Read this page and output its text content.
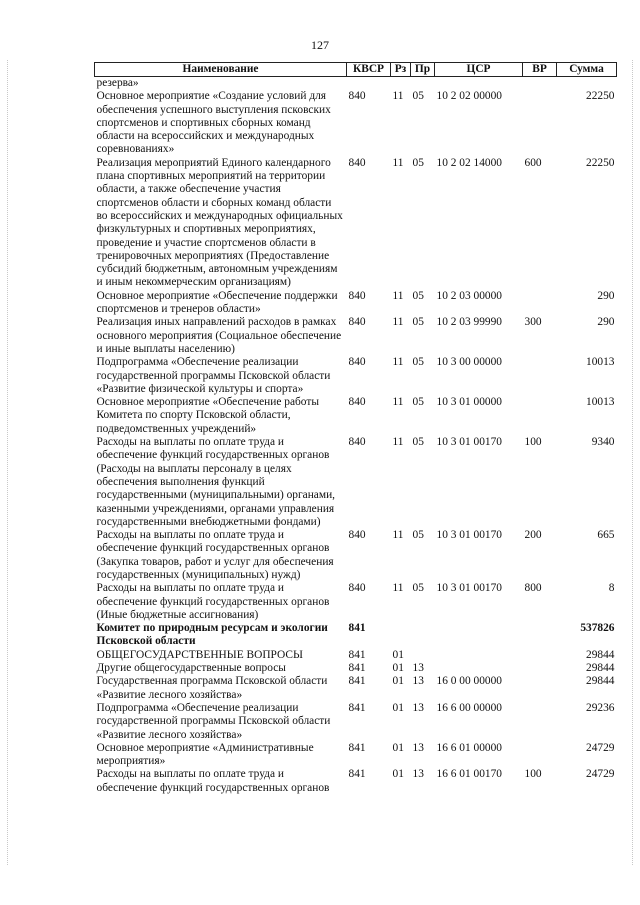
127
Наименование	КВСР	Рз	Пр	ЦСР	ВР	Сумма
резерва»						
Основное мероприятие «Создание условий для обеспечения успешного выступления псковских спортсменов и спортивных сборных команд области на всероссийских и международных соревнованиях»	840	11	05	10 2 02 00000		22250
Реализация мероприятий Единого календарного плана спортивных мероприятий на территории области, а также обеспечение участия спортсменов области и сборных команд области во всероссийских и международных официальных физкультурных и спортивных мероприятиях, проведение и участие спортсменов области в тренировочных мероприятиях (Предоставление субсидий бюджетным, автономным учреждениям и иным некоммерческим организациям)	840	11	05	10 2 02 14000	600	22250
Основное мероприятие «Обеспечение поддержки спортсменов и тренеров области»	840	11	05	10 2 03 00000		290
Реализация иных направлений расходов в рамках основного мероприятия (Социальное обеспечение и иные выплаты населению)	840	11	05	10 2 03 99990	300	290
Подпрограмма «Обеспечение реализации государственной программы Псковской области «Развитие физической культуры и спорта»	840	11	05	10 3 00 00000		10013
Основное мероприятие «Обеспечение работы Комитета по спорту Псковской области, подведомственных учреждений»	840	11	05	10 3 01 00000		10013
Расходы на выплаты по оплате труда и обеспечение функций государственных органов (Расходы на выплаты персоналу в целях обеспечения выполнения функций государственными (муниципальными) органами, казенными учреждениями, органами управления государственными внебюджетными фондами)	840	11	05	10 3 01 00170	100	9340
Расходы на выплаты по оплате труда и обеспечение функций государственных органов (Закупка товаров, работ и услуг для обеспечения государственных (муниципальных) нужд)	840	11	05	10 3 01 00170	200	665
Расходы на выплаты по оплате труда и обеспечение функций государственных органов (Иные бюджетные ассигнования)	840	11	05	10 3 01 00170	800	8
Комитет по природным ресурсам и экологии Псковской области	841					537826
ОБЩЕГОСУДАРСТВЕННЫЕ ВОПРОСЫ	841	01				29844
Другие общегосударственные вопросы	841	01	13			29844
Государственная программа Псковской области «Развитие лесного хозяйства»	841	01	13	16 0 00 00000		29844
Подпрограмма «Обеспечение реализации государственной программы Псковской области «Развитие лесного хозяйства»	841	01	13	16 6 00 00000		29236
Основное мероприятие «Административные мероприятия»	841	01	13	16 6 01 00000		24729
Расходы на выплаты по оплате труда и обеспечение функций государственных органов	841	01	13	16 6 01 00170	100	24729
